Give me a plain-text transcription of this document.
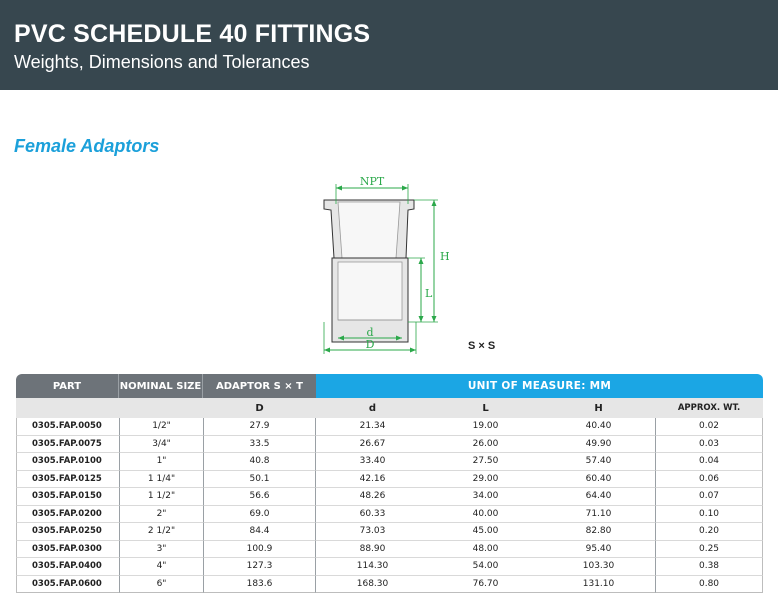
PVC SCHEDULE 40 FITTINGS
Weights, Dimensions and Tolerances
Female Adaptors
NPT
H
L
d
D	S × S
PART	NOMINAL SIZE	ADAPTOR S × T	UNIT OF MEASURE: MM			
		D	d	L	H	APPROX. WT.
0305.FAP.0050	1/2"	27.9	21.34	19.00	40.40	0.02
0305.FAP.0075	3/4"	33.5	26.67	26.00	49.90	0.03
0305.FAP.0100	1"	40.8	33.40	27.50	57.40	0.04
0305.FAP.0125	1 1/4"	50.1	42.16	29.00	60.40	0.06
0305.FAP.0150	1 1/2"	56.6	48.26	34.00	64.40	0.07
0305.FAP.0200	2"	69.0	60.33	40.00	71.10	0.10
0305.FAP.0250	2 1/2"	84.4	73.03	45.00	82.80	0.20
0305.FAP.0300	3"	100.9	88.90	48.00	95.40	0.25
0305.FAP.0400	4"	127.3	114.30	54.00	103.30	0.38
0305.FAP.0600	6"	183.6	168.30	76.70	131.10	0.80
